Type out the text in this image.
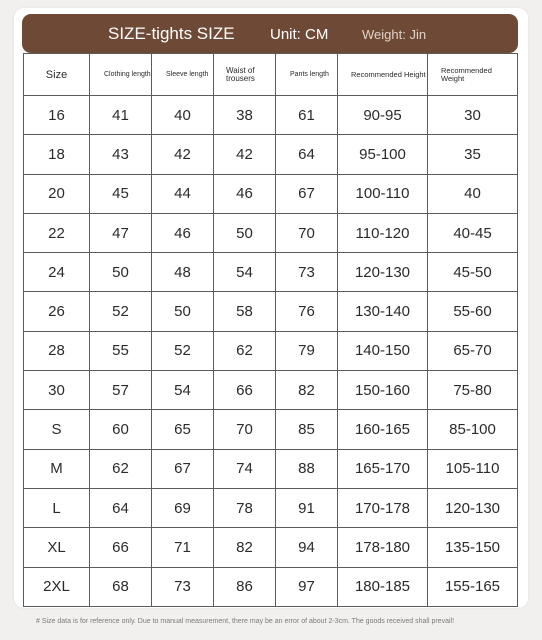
SIZE-tights SIZE Unit: CM	Weight: Jin
Size	Clothing length	Sleeve length	Waist of trousers	Pants length	Recommended Height	Recommended Weight
16	41	40	38	61	90-95	30
18	43	42	42	64	95-100	35
20	45	44	46	67	100-110	40
22	47	46	50	70	110-120	40-45
24	50	48	54	73	120-130	45-50
26	52	50	58	76	130-140	55-60
28	55	52	62	79	140-150	65-70
30	57	54	66	82	150-160	75-80
S	60	65	70	85	160-165	85-100
M	62	67	74	88	165-170	105-110
L	64	69	78	91	170-178	120-130
XL	66	71	82	94	178-180	135-150
2XL	68	73	86	97	180-185	155-165
# Size data is for reference only. Due to manual measurement, there may be an error of about 2-3cm. The goods received shall prevail!
